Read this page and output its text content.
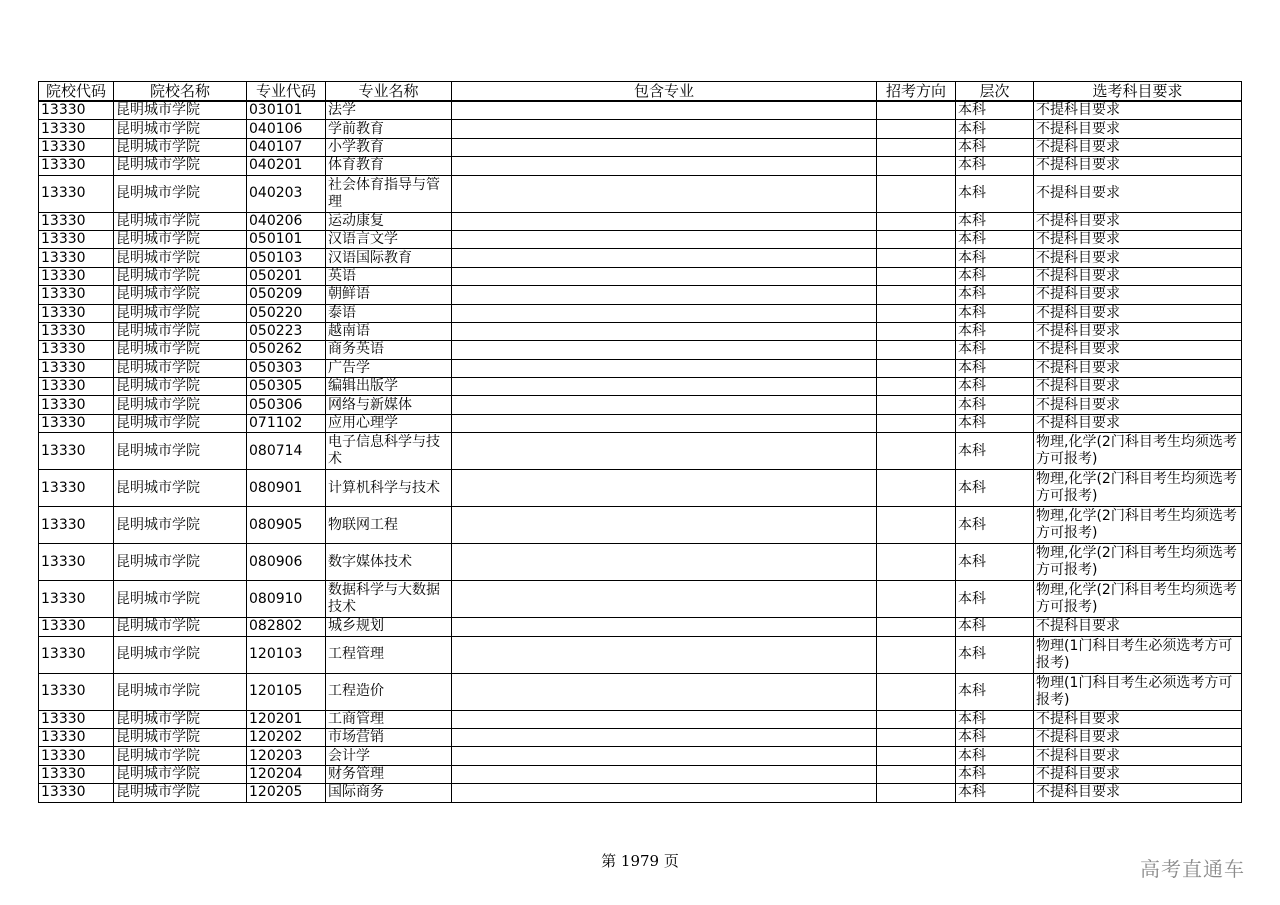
院校代码	院校名称	专业代码	专业名称	包含专业	招考方向	层次	选考科目要求
13330	昆明城市学院	030101	法学			本科	不提科目要求
13330	昆明城市学院	040106	学前教育			本科	不提科目要求
13330	昆明城市学院	040107	小学教育			本科	不提科目要求
13330	昆明城市学院	040201	体育教育			本科	不提科目要求
13330	昆明城市学院	040203	社会体育指导与管理			本科	不提科目要求
13330	昆明城市学院	040206	运动康复			本科	不提科目要求
13330	昆明城市学院	050101	汉语言文学			本科	不提科目要求
13330	昆明城市学院	050103	汉语国际教育			本科	不提科目要求
13330	昆明城市学院	050201	英语			本科	不提科目要求
13330	昆明城市学院	050209	朝鲜语			本科	不提科目要求
13330	昆明城市学院	050220	泰语			本科	不提科目要求
13330	昆明城市学院	050223	越南语			本科	不提科目要求
13330	昆明城市学院	050262	商务英语			本科	不提科目要求
13330	昆明城市学院	050303	广告学			本科	不提科目要求
13330	昆明城市学院	050305	编辑出版学			本科	不提科目要求
13330	昆明城市学院	050306	网络与新媒体			本科	不提科目要求
13330	昆明城市学院	071102	应用心理学			本科	不提科目要求
13330	昆明城市学院	080714	电子信息科学与技术			本科	物理,化学(2门科目考生均须选考方可报考)
13330	昆明城市学院	080901	计算机科学与技术			本科	物理,化学(2门科目考生均须选考方可报考)
13330	昆明城市学院	080905	物联网工程			本科	物理,化学(2门科目考生均须选考方可报考)
13330	昆明城市学院	080906	数字媒体技术			本科	物理,化学(2门科目考生均须选考方可报考)
13330	昆明城市学院	080910	数据科学与大数据技术			本科	物理,化学(2门科目考生均须选考方可报考)
13330	昆明城市学院	082802	城乡规划			本科	不提科目要求
13330	昆明城市学院	120103	工程管理			本科	物理(1门科目考生必须选考方可报考)
13330	昆明城市学院	120105	工程造价			本科	物理(1门科目考生必须选考方可报考)
13330	昆明城市学院	120201	工商管理			本科	不提科目要求
13330	昆明城市学院	120202	市场营销			本科	不提科目要求
13330	昆明城市学院	120203	会计学			本科	不提科目要求
13330	昆明城市学院	120204	财务管理			本科	不提科目要求
13330	昆明城市学院	120205	国际商务			本科	不提科目要求
第 1979 页	高考直通车
